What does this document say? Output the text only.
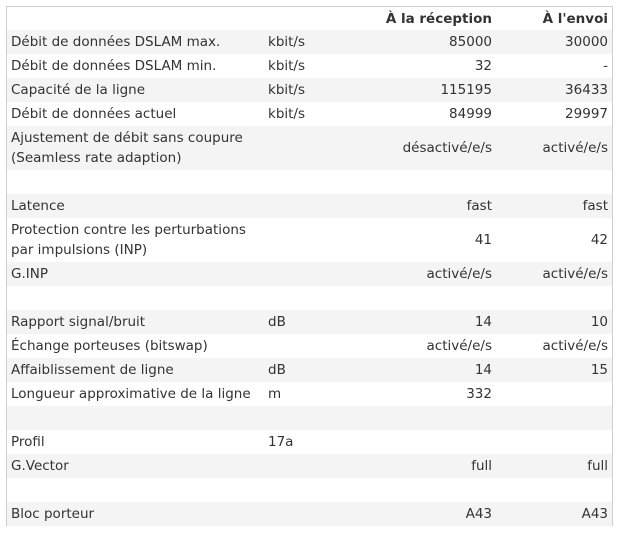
		À la réception	À l'envoi
Débit de données DSLAM max.	kbit/s	85000	30000
Débit de données DSLAM min.	kbit/s	32	-
Capacité de la ligne	kbit/s	115195	36433
Débit de données actuel	kbit/s	84999	29997
Ajustement de débit sans coupure (Seamless rate adaption)		désactivé/e/s	activé/e/s

Latence		fast	fast
Protection contre les perturbations par impulsions (INP)		41	42
G.INP		activé/e/s	activé/e/s

Rapport signal/bruit	dB	14	10
Échange porteuses (bitswap)		activé/e/s	activé/e/s
Affaiblissement de ligne	dB	14	15
Longueur approximative de la ligne	m	332	

Profil	17a		
G.Vector		full	full

Bloc porteur		A43	A43
